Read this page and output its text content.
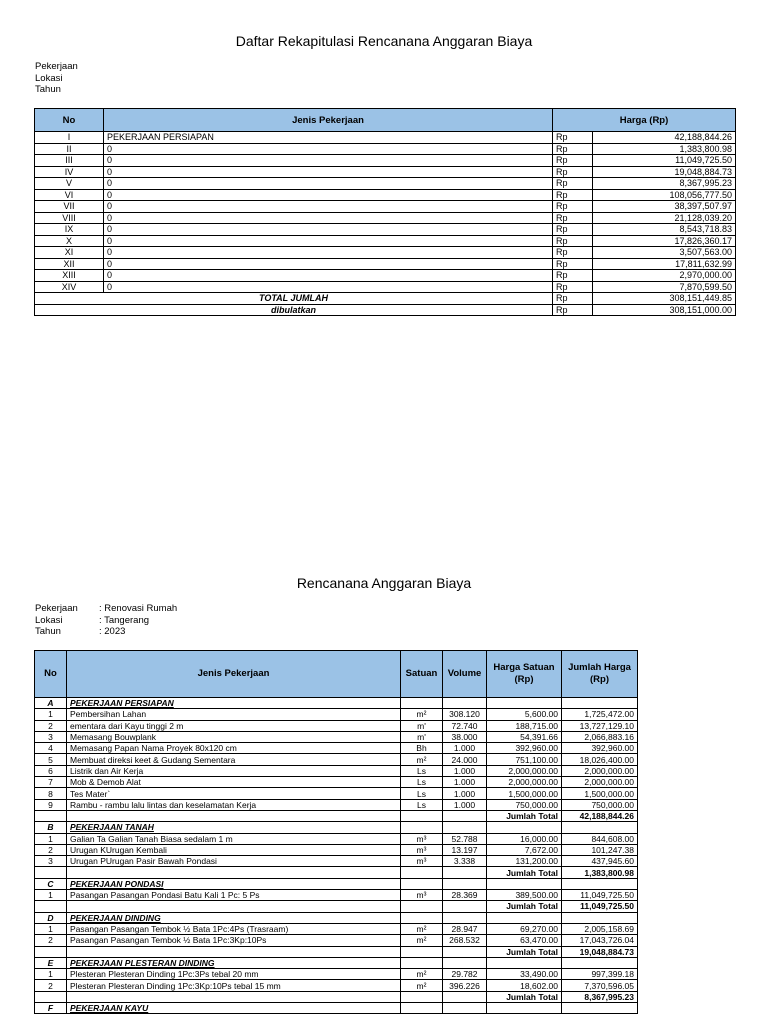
Daftar Rekapitulasi Rencanana Anggaran Biaya
Pekerjaan
Lokasi
Tahun
No	Jenis Pekerjaan	Harga (Rp)	
I	PEKERJAAN PERSIAPAN	Rp	42,188,844.26
II	0	Rp	1,383,800.98
III	0	Rp	11,049,725.50
IV	0	Rp	19,048,884.73
V	0	Rp	8,367,995.23
VI	0	Rp	108,056,777.50
VII	0	Rp	38,397,507.97
VIII	0	Rp	21,128,039.20
IX	0	Rp	8,543,718.83
X	0	Rp	17,826,360.17
XI	0	Rp	3,507,563.00
XII	0	Rp	17,811,632.99
XIII	0	Rp	2,970,000.00
XIV	0	Rp	7,870,599.50
TOTAL JUMLAH		Rp	308,151,449.85
dibulatkan		Rp	308,151,000.00
Rencanana Anggaran Biaya
Pekerjaan	: Renovasi Rumah
Lokasi	: Tangerang
Tahun	: 2023
No	Jenis Pekerjaan	Satuan	Volume	Harga Satuan (Rp)	Jumlah Harga (Rp)
A	PEKERJAAN PERSIAPAN				
1	Pembersihan Lahan	m²	308.120	5,600.00	1,725,472.00
2	ementara dari Kayu tinggi 2 m	m'	72.740	188,715.00	13,727,129.10
3	Memasang Bouwplank	m'	38.000	54,391.66	2,066,883.16
4	Memasang Papan Nama Proyek 80x120 cm	Bh	1.000	392,960.00	392,960.00
5	Membuat direksi keet & Gudang Sementara	m²	24.000	751,100.00	18,026,400.00
6	Listrik dan Air Kerja	Ls	1.000	2,000,000.00	2,000,000.00
7	Mob & Demob Alat	Ls	1.000	2,000,000.00	2,000,000.00
8	Tes Mater`	Ls	1.000	1,500,000.00	1,500,000.00
9	Rambu - rambu lalu lintas dan keselamatan Kerja	Ls	1.000	750,000.00	750,000.00
				Jumlah Total	42,188,844.26
B	PEKERJAAN TANAH				
1	Galian Ta Galian Tanah Biasa sedalam 1 m	m³	52.788	16,000.00	844,608.00
2	Urugan KUrugan Kembali	m³	13.197	7,672.00	101,247.38
3	Urugan PUrugan Pasir Bawah Pondasi	m³	3.338	131,200.00	437,945.60
				Jumlah Total	1,383,800.98
C	PEKERJAAN PONDASI				
1	Pasangan Pasangan Pondasi Batu Kali 1 Pc: 5 Ps	m³	28.369	389,500.00	11,049,725.50
				Jumlah Total	11,049,725.50
D	PEKERJAAN DINDING				
1	Pasangan Pasangan Tembok ½ Bata 1Pc:4Ps (Trasraam)	m²	28.947	69,270.00	2,005,158.69
2	Pasangan Pasangan Tembok ½ Bata 1Pc:3Kp:10Ps	m²	268.532	63,470.00	17,043,726.04
				Jumlah Total	19,048,884.73
E	PEKERJAAN PLESTERAN DINDING				
1	Plesteran Plesteran Dinding 1Pc:3Ps tebal 20 mm	m²	29.782	33,490.00	997,399.18
2	Plesteran Plesteran Dinding 1Pc:3Kp:10Ps tebal 15 mm	m²	396.226	18,602.00	7,370,596.05
				Jumlah Total	8,367,995.23
F	PEKERJAAN KAYU				
